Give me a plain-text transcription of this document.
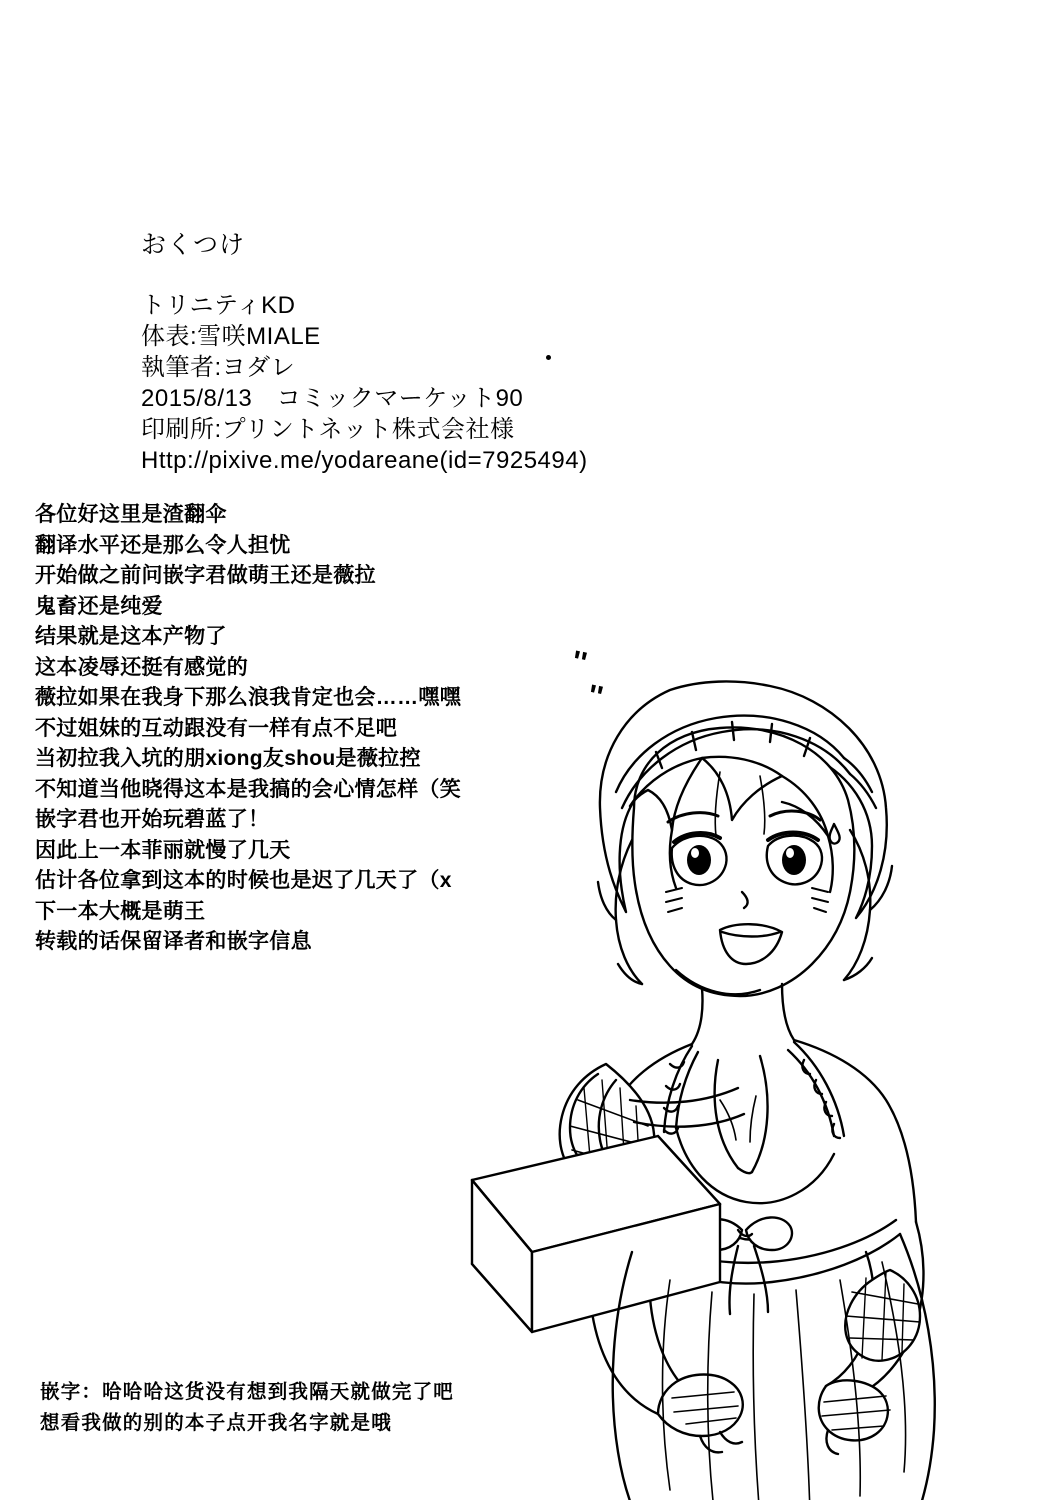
おくつけ
トリニティKD
体表:雪咲MIALE
執筆者:ヨダレ
2015/8/13　コミックマーケット90
印刷所:プリントネット株式会社様
Http://pixive.me/yodareane(id=7925494)
各位好这里是渣翻伞
翻译水平还是那么令人担忧
开始做之前问嵌字君做萌王还是薇拉
鬼畜还是纯爱
结果就是这本产物了
这本凌辱还挺有感觉的
薇拉如果在我身下那么浪我肯定也会……嘿嘿
不过姐妹的互动跟没有一样有点不足吧
当初拉我入坑的朋xiong友shou是薇拉控
不知道当他晓得这本是我搞的会心情怎样（笑
嵌字君也开始玩碧蓝了！
因此上一本菲丽就慢了几天
估计各位拿到这本的时候也是迟了几天了（x
下一本大概是萌王
转载的话保留译者和嵌字信息
嵌字：哈哈哈这货没有想到我隔天就做完了吧
想看我做的别的本子点开我名字就是哦
''
''
